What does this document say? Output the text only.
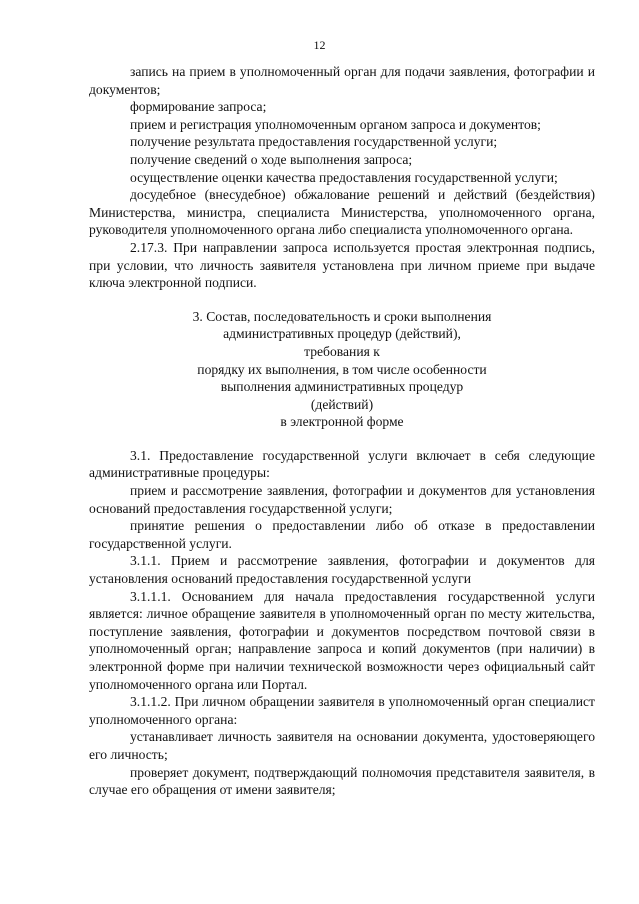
12

запись на прием в уполномоченный орган для подачи заявления, фотографии и документов;

формирование запроса;

прием и регистрация уполномоченным органом запроса и документов;

получение результата предоставления государственной услуги;

получение сведений о ходе выполнения запроса;

осуществление оценки качества предоставления государственной услуги;

досудебное (внесудебное) обжалование решений и действий (бездействия) Министерства, министра, специалиста Министерства, уполномоченного органа, руководителя уполномоченного органа либо специалиста уполномоченного органа.

2.17.3. При направлении запроса используется простая электронная подпись, при условии, что личность заявителя установлена при личном приеме при выдаче ключа электронной подписи.

3. Состав, последовательность и сроки выполнения
административных процедур (действий), требования к
порядку их выполнения, в том числе особенности
выполнения административных процедур (действий)
в электронной форме

3.1. Предоставление государственной услуги включает в себя следующие административные процедуры:

прием и рассмотрение заявления, фотографии и документов для установления оснований предоставления государственной услуги;

принятие решения о предоставлении либо об отказе в предоставлении государственной услуги.

3.1.1. Прием и рассмотрение заявления, фотографии и документов для установления оснований предоставления государственной услуги

3.1.1.1. Основанием для начала предоставления государственной услуги является: личное обращение заявителя в уполномоченный орган по месту жительства, поступление заявления, фотографии и документов посредством почтовой связи в уполномоченный орган; направление запроса и копий документов (при наличии) в электронной форме при наличии технической возможности через официальный сайт уполномоченного органа или Портал.

3.1.1.2. При личном обращении заявителя в уполномоченный орган специалист уполномоченного органа:

устанавливает личность заявителя на основании документа, удостоверяющего его личность;

проверяет документ, подтверждающий полномочия представителя заявителя, в случае его обращения от имени заявителя;
